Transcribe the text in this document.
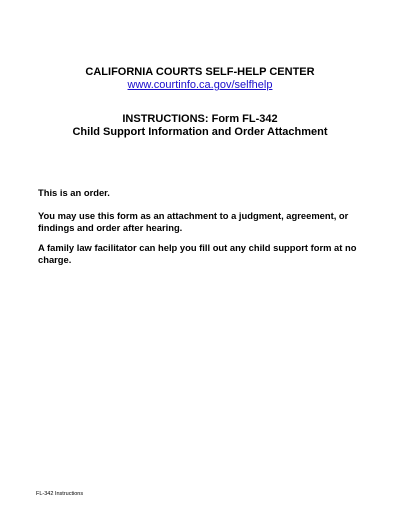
CALIFORNIA COURTS SELF-HELP CENTER
www.courtinfo.ca.gov/selfhelp
INSTRUCTIONS: Form FL-342
Child Support Information and Order Attachment
This is an order.
You may use this form as an attachment to a judgment, agreement, or findings and order after hearing.
A family law facilitator can help you fill out any child support form at no charge.
FL-342 Instructions
